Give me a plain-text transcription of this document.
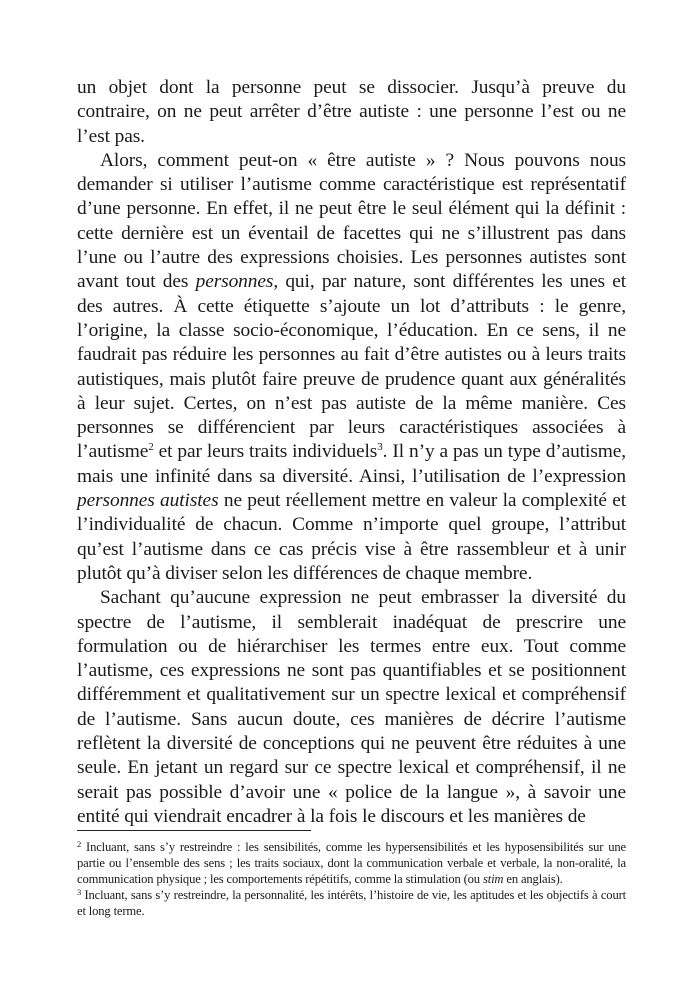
un objet dont la personne peut se dissocier. Jusqu’à preuve du contraire, on ne peut arrêter d’être autiste : une personne l’est ou ne l’est pas.

Alors, comment peut-on « être autiste » ? Nous pouvons nous demander si utiliser l’autisme comme caractéristique est représentatif d’une personne. En effet, il ne peut être le seul élément qui la définit : cette dernière est un éventail de facettes qui ne s’illustrent pas dans l’une ou l’autre des expressions choisies. Les personnes autistes sont avant tout des personnes, qui, par nature, sont différentes les unes et des autres. À cette étiquette s’ajoute un lot d’attributs : le genre, l’origine, la classe socio-économique, l’éducation. En ce sens, il ne faudrait pas réduire les personnes au fait d’être autistes ou à leurs traits autistiques, mais plutôt faire preuve de prudence quant aux généralités à leur sujet. Certes, on n’est pas autiste de la même manière. Ces personnes se différencient par leurs caractéristiques associées à l’autisme$^2$ et par leurs traits individuels$^3$. Il n’y a pas un type d’autisme, mais une infinité dans sa diversité. Ainsi, l’utilisation de l’expression personnes autistes ne peut réellement mettre en valeur la complexité et l’individualité de chacun. Comme n’importe quel groupe, l’attribut qu’est l’autisme dans ce cas précis vise à être rassembleur et à unir plutôt qu’à diviser selon les différences de chaque membre.

Sachant qu’aucune expression ne peut embrasser la diversité du spectre de l’autisme, il semblerait inadéquat de prescrire une formulation ou de hiérarchiser les termes entre eux. Tout comme l’autisme, ces expressions ne sont pas quantifiables et se positionnent différemment et qualitativement sur un spectre lexical et compréhensif de l’autisme. Sans aucun doute, ces manières de décrire l’autisme reflètent la diversité de conceptions qui ne peuvent être réduites à une seule. En jetant un regard sur ce spectre lexical et compréhensif, il ne serait pas possible d’avoir une « police de la langue », à savoir une entité qui viendrait encadrer à la fois le discours et les manières de

$^2$ Incluant, sans s’y restreindre : les sensibilités, comme les hypersensibilités et les hyposensibilités sur une partie ou l’ensemble des sens ; les traits sociaux, dont la communication verbale et verbale, la non-oralité, la communication physique ; les comportements répétitifs, comme la stimulation (ou stim en anglais).

$^3$ Incluant, sans s’y restreindre, la personnalité, les intérêts, l’histoire de vie, les aptitudes et les objectifs à court et long terme.
